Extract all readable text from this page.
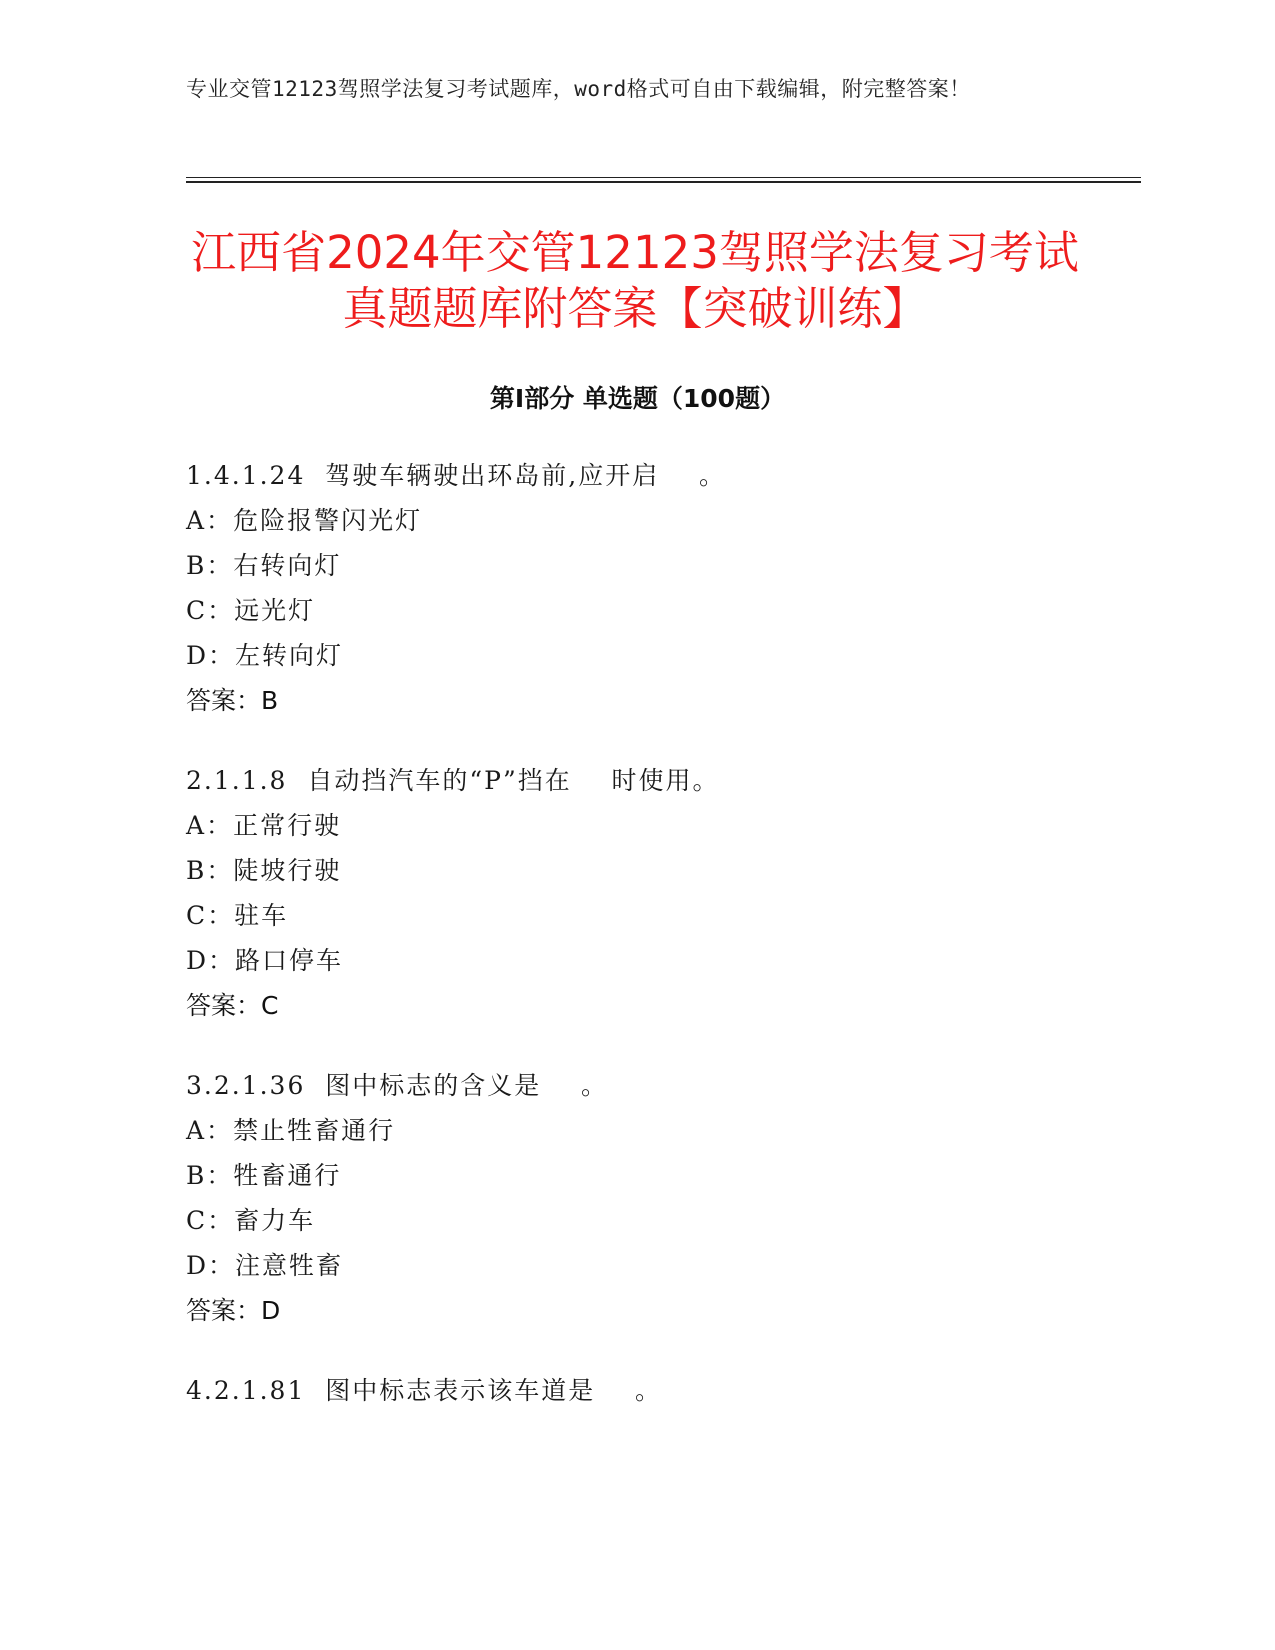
专业交管12123驾照学法复习考试题库，word格式可自由下载编辑，附完整答案！
江西省2024年交管12123驾照学法复习考试
真题题库附答案【突破训练】
第Ⅰ部分 单选题（100题）
1.4.1.24  驾驶车辆驶出环岛前,应开启    。
A：危险报警闪光灯
B：右转向灯
C：远光灯
D：左转向灯
答案：B
2.1.1.8  自动挡汽车的“P”挡在    时使用。
A：正常行驶
B：陡坡行驶
C：驻车
D：路口停车
答案：C
3.2.1.36  图中标志的含义是    。
A：禁止牲畜通行
B：牲畜通行
C：畜力车
D：注意牲畜
答案：D
4.2.1.81  图中标志表示该车道是    。
